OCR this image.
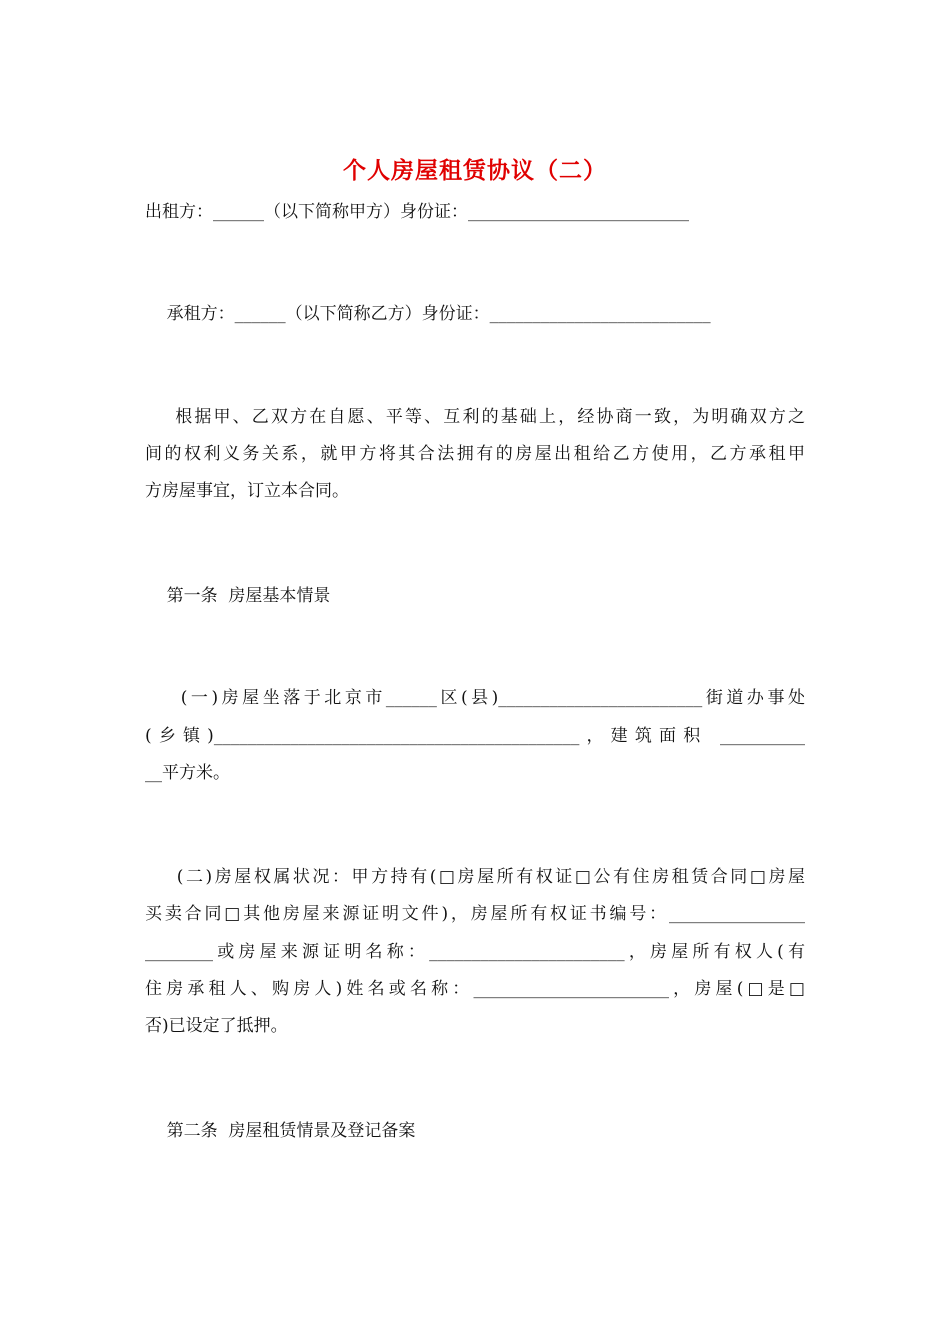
个人房屋租赁协议（二）
出租方：______（以下简称甲方）身份证：__________________________
承租方：______（以下简称乙方）身份证：__________________________
根据甲、乙双方在自愿、平等、互利的基础上，经协商一致，为明确双方之
间的权利义务关系，就甲方将其合法拥有的房屋出租给乙方使用，乙方承租甲
方房屋事宜，订立本合同。
第一条  房屋基本情景
(一)房屋坐落于北京市______区(县)________________________街道办事处
(乡镇)___________________________________________，建筑面积 __________
__平方米。
(二)房屋权属状况：甲方持有(□房屋所有权证□公有住房租赁合同□房屋
买卖合同□其他房屋来源证明文件)，房屋所有权证书编号：________________
________或房屋来源证明名称：_______________________，房屋所有权人(有
住房承租人、购房人)姓名或名称：_______________________，房屋(□是□
否)已设定了抵押。
第二条  房屋租赁情景及登记备案
